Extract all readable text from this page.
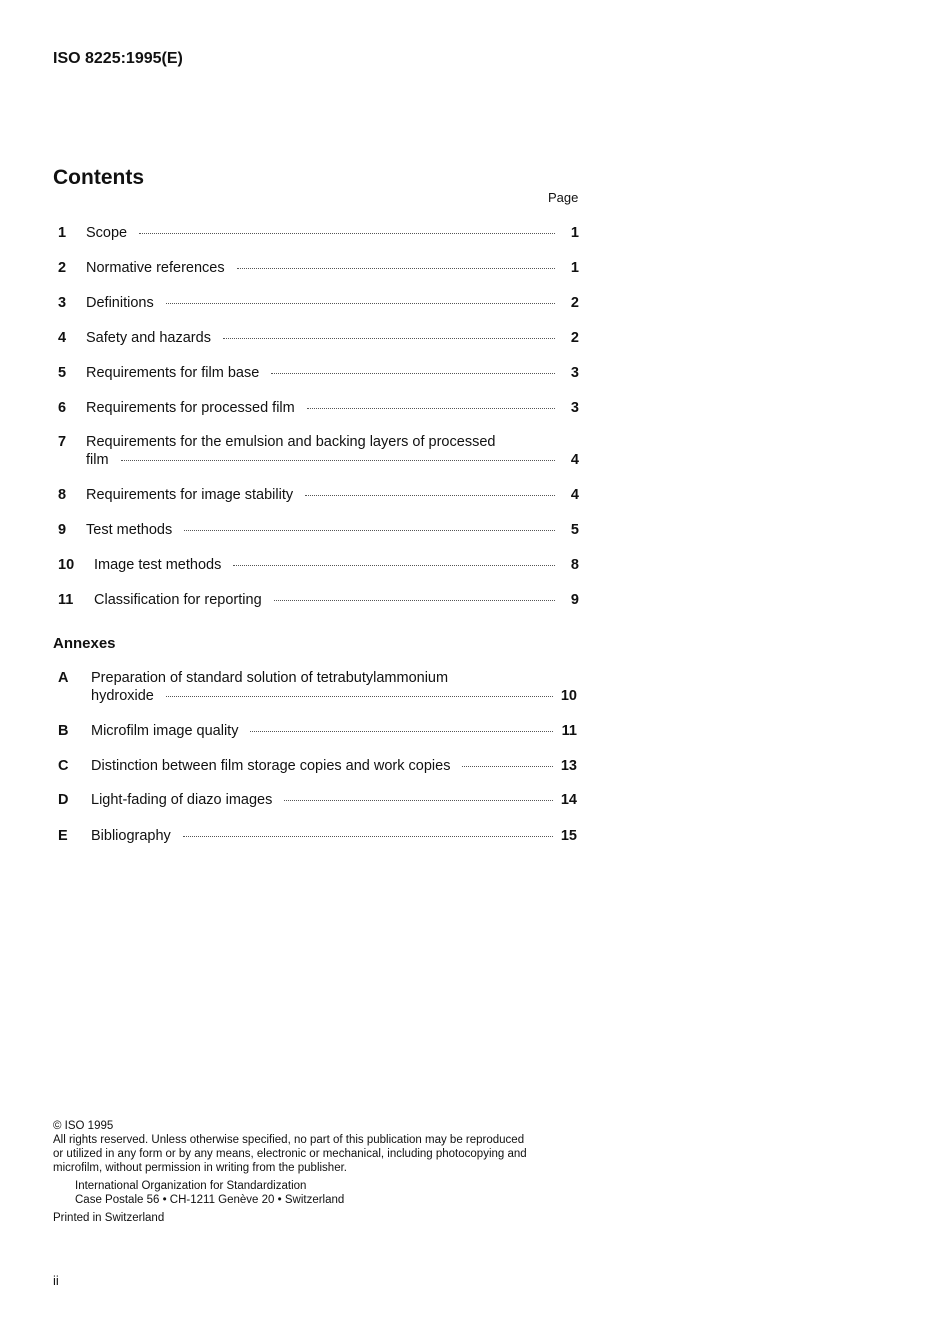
ISO 8225:1995(E)
Contents
Page
1 Scope	1
2 Normative references	1
3 Definitions	2
4 Safety and hazards	2
5 Requirements for film base	3
6 Requirements for processed film	3
7 Requirements for the emulsion and backing layers of processed
film	4
8 Requirements for image stability	4
9 Test methods	5
10 Image test methods	8
11 Classification for reporting	9
Annexes
A Preparation of standard solution of tetrabutylammonium
hydroxide	10
B Microfilm image quality	11
C Distinction between film storage copies and work copies	13
D Light-fading of diazo images	14
E Bibliography	15
© ISO 1995
All rights reserved. Unless otherwise specified, no part of this publication may be reproduced
or utilized in any form or by any means, electronic or mechanical, including photocopying and
microfilm, without permission in writing from the publisher.
International Organization for Standardization
Case Postale 56 • CH-1211 Genève 20 • Switzerland
Printed in Switzerland
ii
